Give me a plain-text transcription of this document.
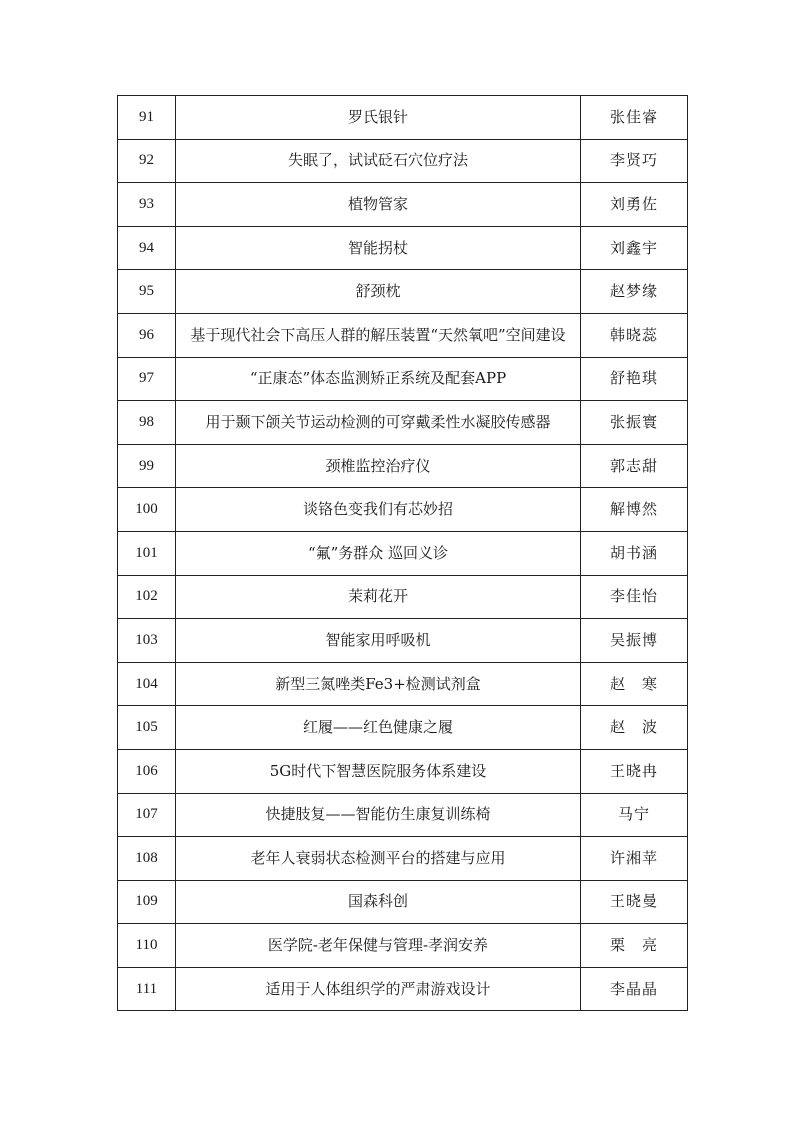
91	罗氏银针	张佳睿
92	失眠了，试试砭石穴位疗法	李贤巧
93	植物管家	刘勇佐
94	智能拐杖	刘鑫宇
95	舒颈枕	赵梦缘
96	基于现代社会下高压人群的解压装置“天然氧吧”空间建设	韩晓蕊
97	“正康态”体态监测矫正系统及配套APP	舒艳琪
98	用于颞下颌关节运动检测的可穿戴柔性水凝胶传感器	张振寰
99	颈椎监控治疗仪	郭志甜
100	谈铬色变我们有芯妙招	解博然
101	“氟”务群众 巡回义诊	胡书涵
102	茉莉花开	李佳怡
103	智能家用呼吸机	吴振博
104	新型三氮唑类Fe3+检测试剂盒	赵　寒
105	红履——红色健康之履	赵　波
106	5G时代下智慧医院服务体系建设	王晓冉
107	快捷肢复——智能仿生康复训练椅	马宁
108	老年人衰弱状态检测平台的搭建与应用	许湘苹
109	国森科创	王晓曼
110	医学院-老年保健与管理-孝润安养	栗　亮
111	适用于人体组织学的严肃游戏设计	李晶晶
